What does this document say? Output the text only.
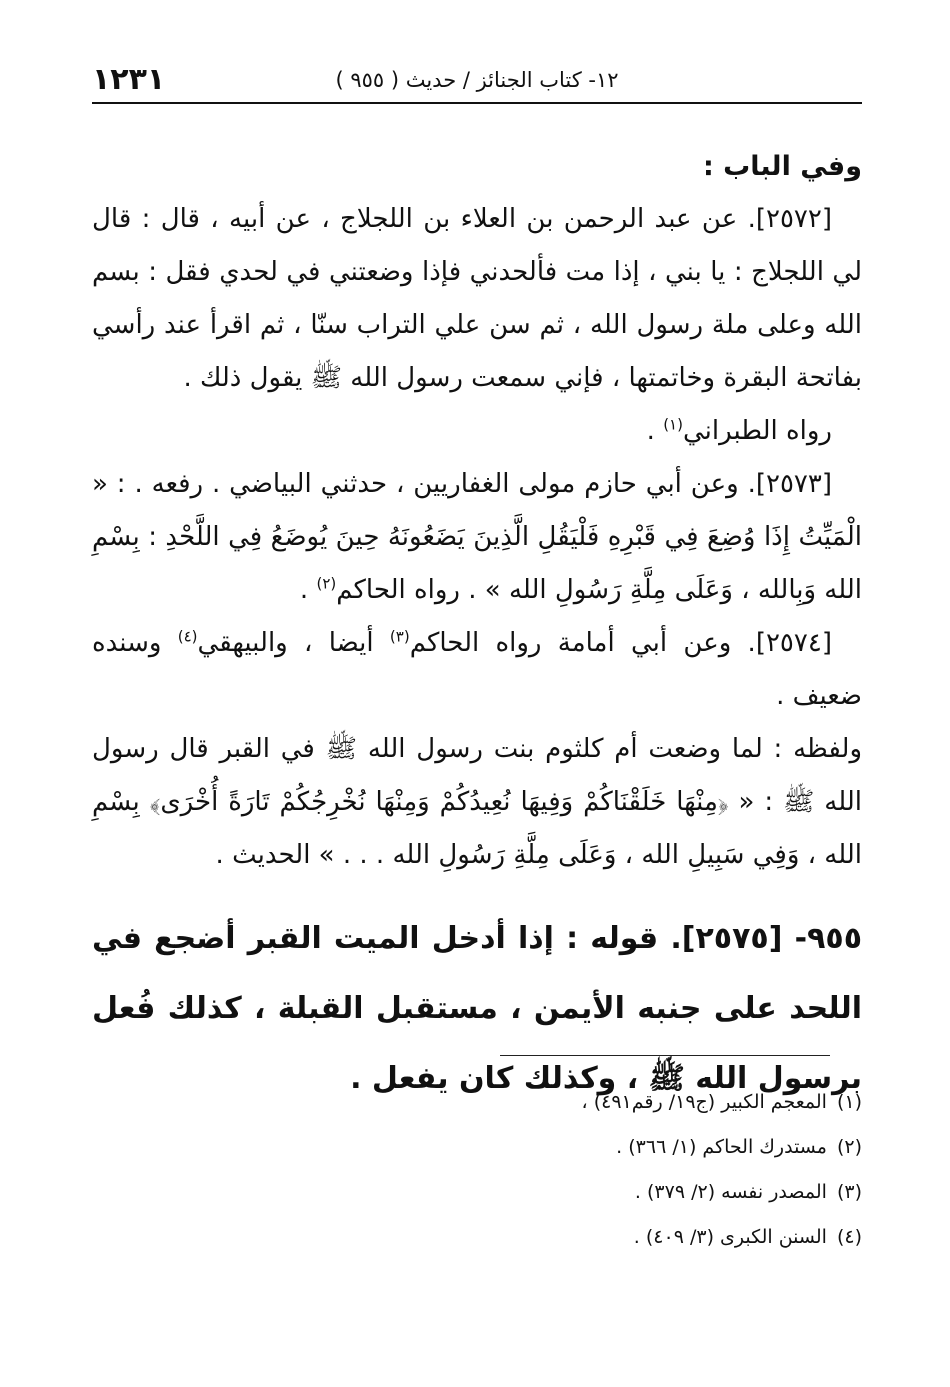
١٢٣١	١٢- كتاب الجنائز / حديث ( ٩٥٥ )

وفي الباب :

[٢٥٧٢]. عن عبد الرحمن بن العلاء بن اللجلاج ، عن أبيه ، قال : قال لي اللجلاج : يا بني ، إذا مت فألحدني فإذا وضعتني في لحدي فقل : بسم الله وعلى ملة رسول الله ، ثم سن علي التراب سنّا ، ثم اقرأ عند رأسي بفاتحة البقرة وخاتمتها ، فإني سمعت رسول الله ﷺ يقول ذلك .

رواه الطبراني$^{(١)}$ .

[٢٥٧٣]. وعن أبي حازم مولى الغفاريين ، حدثني البياضي . رفعه . : « الْمَيِّتُ إِذَا وُضِعَ فِي قَبْرِهِ فَلْيَقُلِ الَّذِينَ يَضَعُونَهُ حِينَ يُوضَعُ فِي اللَّحْدِ : بِسْمِ الله وَبِالله ، وَعَلَى مِلَّةِ رَسُولِ الله » . رواه الحاكم$^{(٢)}$ .

[٢٥٧٤]. وعن أبي أمامة رواه الحاكم$^{(٣)}$ أيضا ، والبيهقي$^{(٤)}$ وسنده ضعيف .

ولفظه : لما وضعت أم كلثوم بنت رسول الله ﷺ في القبر قال رسول الله ﷺ : « ﴿مِنْهَا خَلَقْنَاكُمْ وَفِيهَا نُعِيدُكُمْ وَمِنْهَا نُخْرِجُكُمْ تَارَةً أُخْرَى﴾ بِسْمِ الله ، وَفِي سَبِيلِ الله ، وَعَلَى مِلَّةِ رَسُولِ الله . . . » الحديث .

٩٥٥- [٢٥٧٥]. قوله : إذا أدخل الميت القبر أضجع في اللحد على جنبه الأيمن ، مستقبل القبلة ، كذلك فُعل برسول الله ﷺ ، وكذلك كان يفعل .

(١)المعجم الكبير (ج١٩/ رقم٤٩١) ،
(٢)مستدرك الحاكم (١/ ٣٦٦) .
(٣)المصدر نفسه (٢/ ٣٧٩) .
(٤)السنن الكبرى (٣/ ٤٠٩) .
